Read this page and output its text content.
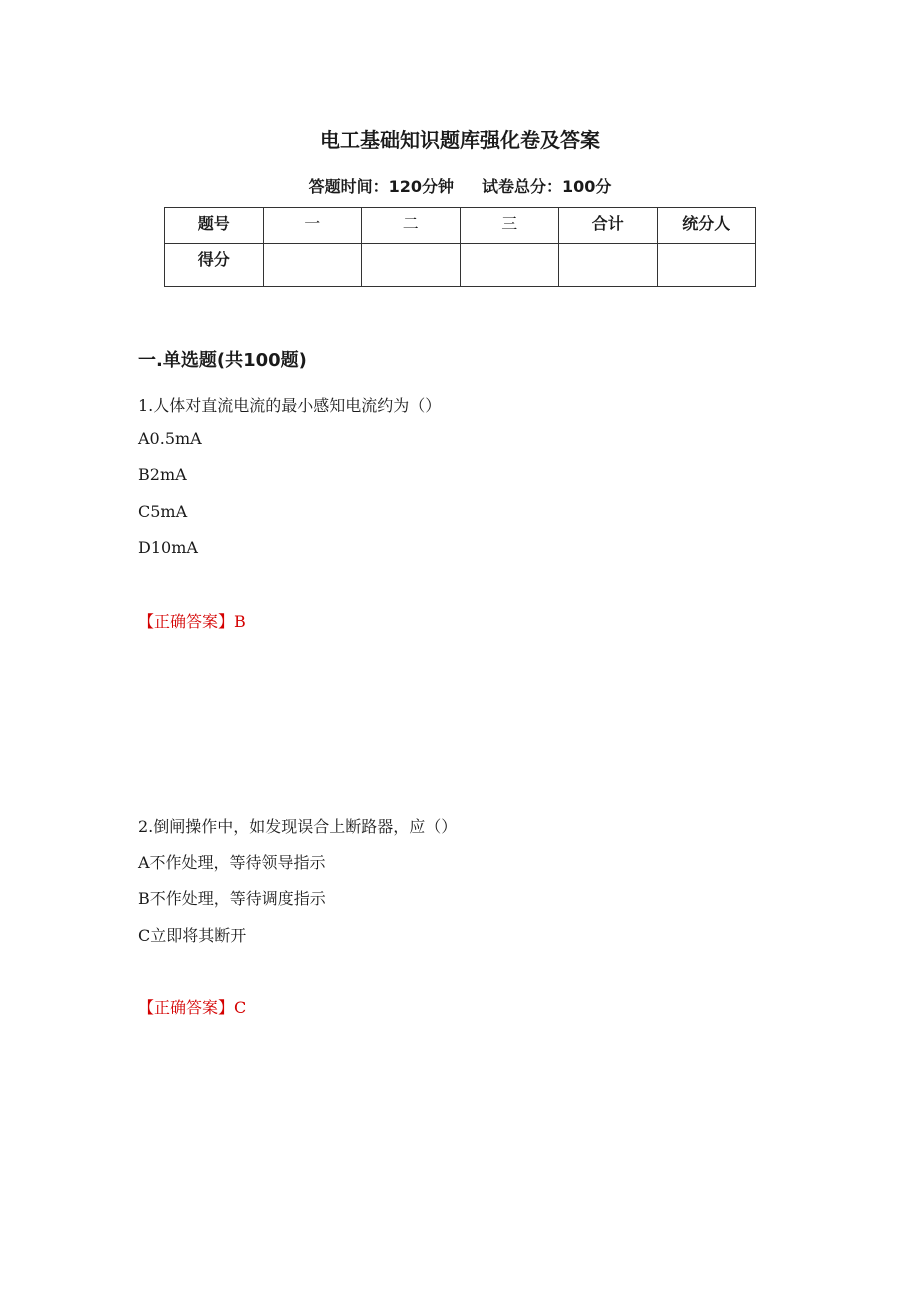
电工基础知识题库强化卷及答案
答题时间：120分钟 试卷总分：100分
题号	一	二	三	合计	统分人
得分					
一.单选题(共100题)
1.人体对直流电流的最小感知电流约为（）
A0.5mA
B2mA
C5mA
D10mA
【正确答案】B
2.倒闸操作中，如发现误合上断路器，应（）
A不作处理，等待领导指示
B不作处理，等待调度指示
C立即将其断开
【正确答案】C
